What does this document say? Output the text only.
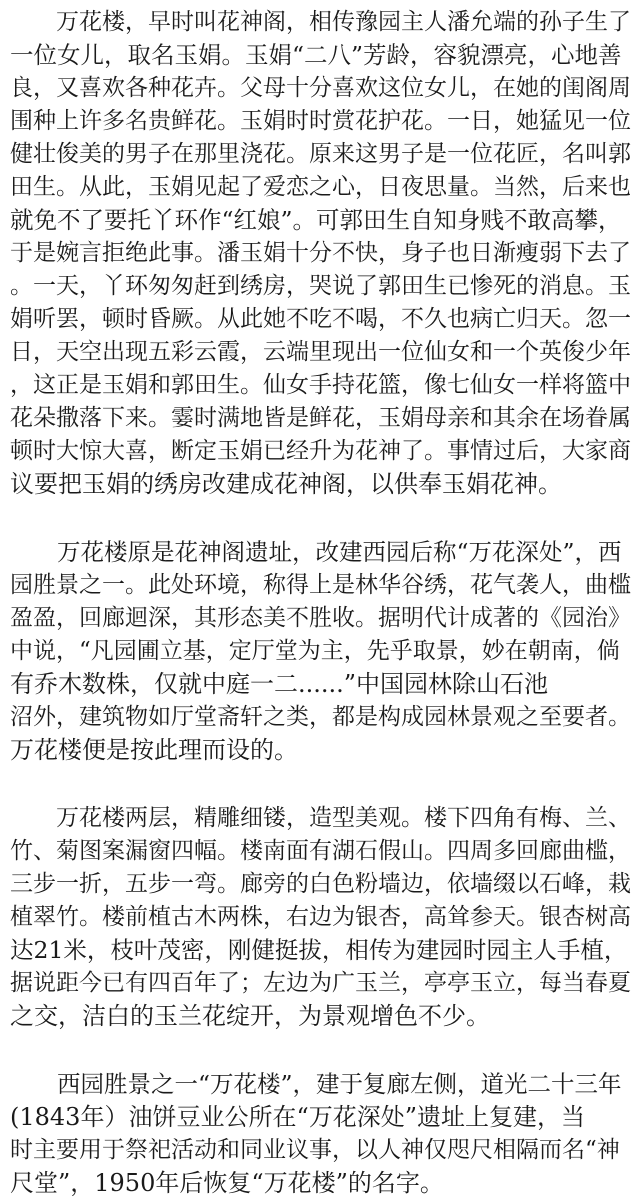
　　万花楼，早时叫花神阁，相传豫园主人潘允端的孙子生了
一位女儿，取名玉娟。玉娟“二八”芳龄，容貌漂亮，心地善
良，又喜欢各种花卉。父母十分喜欢这位女儿，在她的闺阁周
围种上许多名贵鲜花。玉娟时时赏花护花。一日，她猛见一位
健壮俊美的男子在那里浇花。原来这男子是一位花匠，名叫郭
田生。从此，玉娟见起了爱恋之心，日夜思量。当然，后来也
就免不了要托丫环作“红娘”。可郭田生自知身贱不敢高攀，
于是婉言拒绝此事。潘玉娟十分不快，身子也日渐瘦弱下去了
。一天，丫环匆匆赶到绣房，哭说了郭田生已惨死的消息。玉
娟听罢，顿时昏厥。从此她不吃不喝，不久也病亡归天。忽一
日，天空出现五彩云霞，云端里现出一位仙女和一个英俊少年
，这正是玉娟和郭田生。仙女手持花篮，像七仙女一样将篮中
花朵撒落下来。霎时满地皆是鲜花，玉娟母亲和其余在场眷属
顿时大惊大喜，断定玉娟已经升为花神了。事情过后，大家商
议要把玉娟的绣房改建成花神阁，以供奉玉娟花神。
　　万花楼原是花神阁遗址，改建西园后称“万花深处”，西
园胜景之一。此处环境，称得上是林华谷绣，花气袭人，曲槛
盈盈，回廊迴深，其形态美不胜收。据明代计成著的《园治》
中说，“凡园圃立基，定厅堂为主，先乎取景，妙在朝南，倘
有乔木数株，仅就中庭一二......”中国园林除山石池
沼外，建筑物如厅堂斋轩之类，都是构成园林景观之至要者。
万花楼便是按此理而设的。
　　万花楼两层，精雕细镂，造型美观。楼下四角有梅、兰、
竹、菊图案漏窗四幅。楼南面有湖石假山。四周多回廊曲槛，
三步一折，五步一弯。廊旁的白色粉墙边，依墙缀以石峰，栽
植翠竹。楼前植古木两株，右边为银杏，高耸参天。银杏树高
达21米，枝叶茂密，刚健挺拔，相传为建园时园主人手植，
据说距今已有四百年了；左边为广玉兰，亭亭玉立，每当春夏
之交，洁白的玉兰花绽开，为景观增色不少。
　　西园胜景之一“万花楼”，建于复廊左侧，道光二十三年
(1843年）油饼豆业公所在“万花深处”遗址上复建，当
时主要用于祭祀活动和同业议事，以人神仅咫尺相隔而名“神
尺堂”，1950年后恢复“万花楼”的名字。
